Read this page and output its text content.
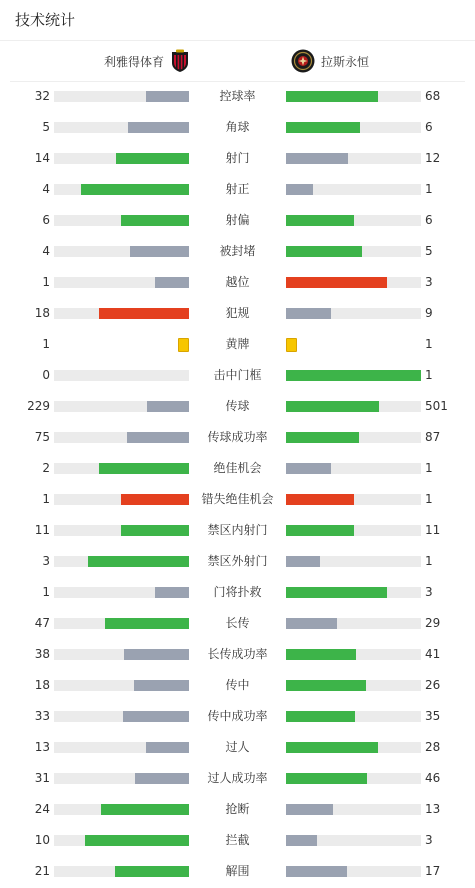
技术统计
利雅得体育	拉斯永恒
32	控球率	68
5	角球	6
14	射门	12
4	射正	1
6	射偏	6
4	被封堵	5
1	越位	3
18	犯规	9
1	黄牌	1
0	击中门框	1
229	传球	501
75	传球成功率	87
2	绝佳机会	1
1	错失绝佳机会	1
11	禁区内射门	11
3	禁区外射门	1
1	门将扑救	3
47	长传	29
38	长传成功率	41
18	传中	26
33	传中成功率	35
13	过人	28
31	过人成功率	46
24	抢断	13
10	拦截	3
21	解围	17
